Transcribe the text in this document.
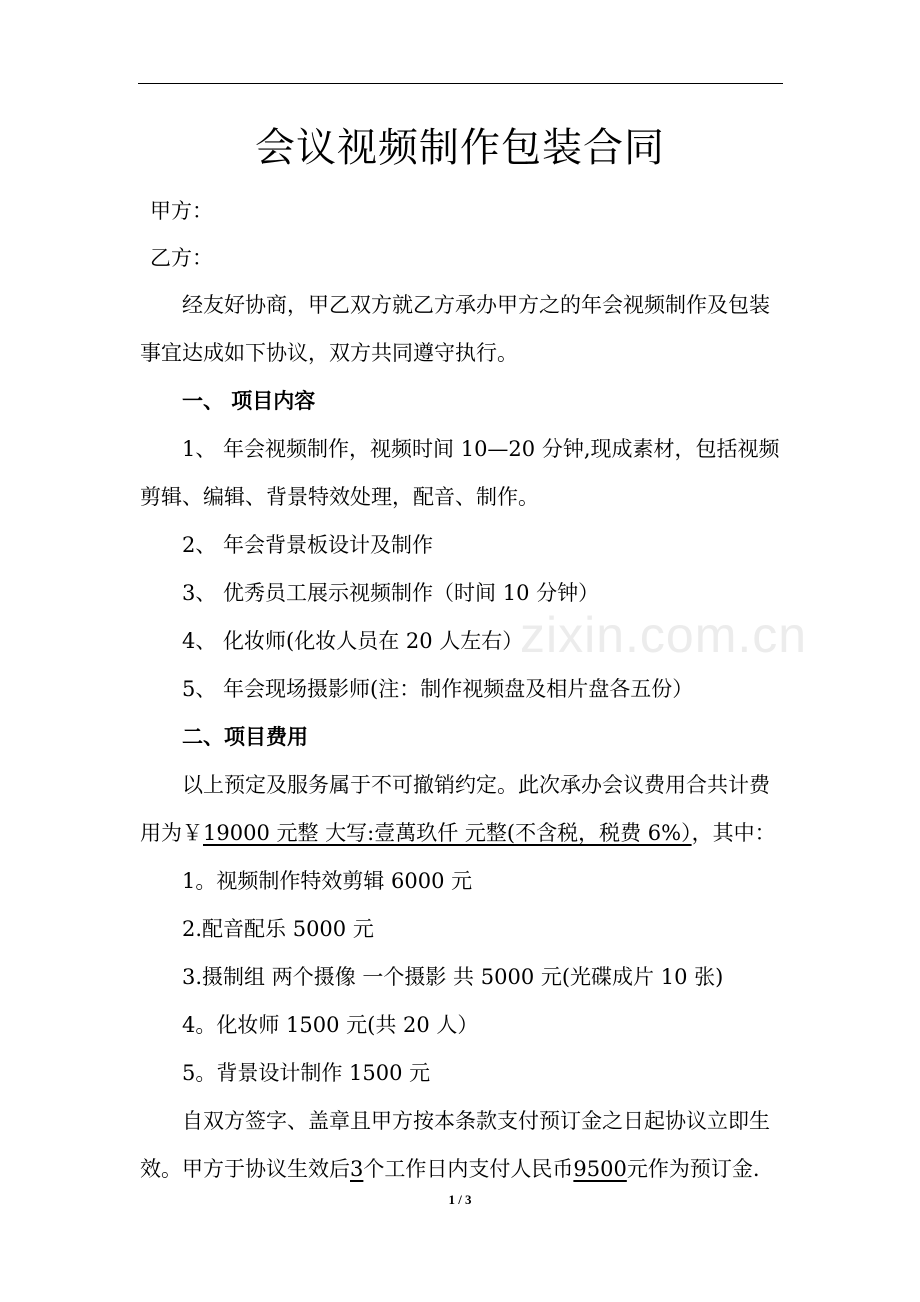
zixin.com.cn
会议视频制作包装合同
甲方：
乙方：
经友好协商，甲乙双方就乙方承办甲方之的年会视频制作及包装
事宜达成如下协议，双方共同遵守执行。
一、 项目内容
1、 年会视频制作，视频时间 10—20 分钟,现成素材，包括视频
剪辑、编辑、背景特效处理，配音、制作。
2、 年会背景板设计及制作
3、 优秀员工展示视频制作（时间 10 分钟）
4、 化妆师(化妆人员在 20 人左右）
5、 年会现场摄影师(注：制作视频盘及相片盘各五份）
二、项目费用
以上预定及服务属于不可撤销约定。此次承办会议费用合共计费
用为￥19000 元整 大写:壹萬玖仟 元整(不含税，税费 6%），其中：
1。视频制作特效剪辑 6000 元
2.配音配乐 5000 元
3.摄制组 两个摄像 一个摄影 共 5000 元(光碟成片 10 张)
4。化妆师 1500 元(共 20 人）
5。背景设计制作 1500 元
自双方签字、盖章且甲方按本条款支付预订金之日起协议立即生
效。甲方于协议生效后3个工作日内支付人民币9500元作为预订金.
1 / 3
